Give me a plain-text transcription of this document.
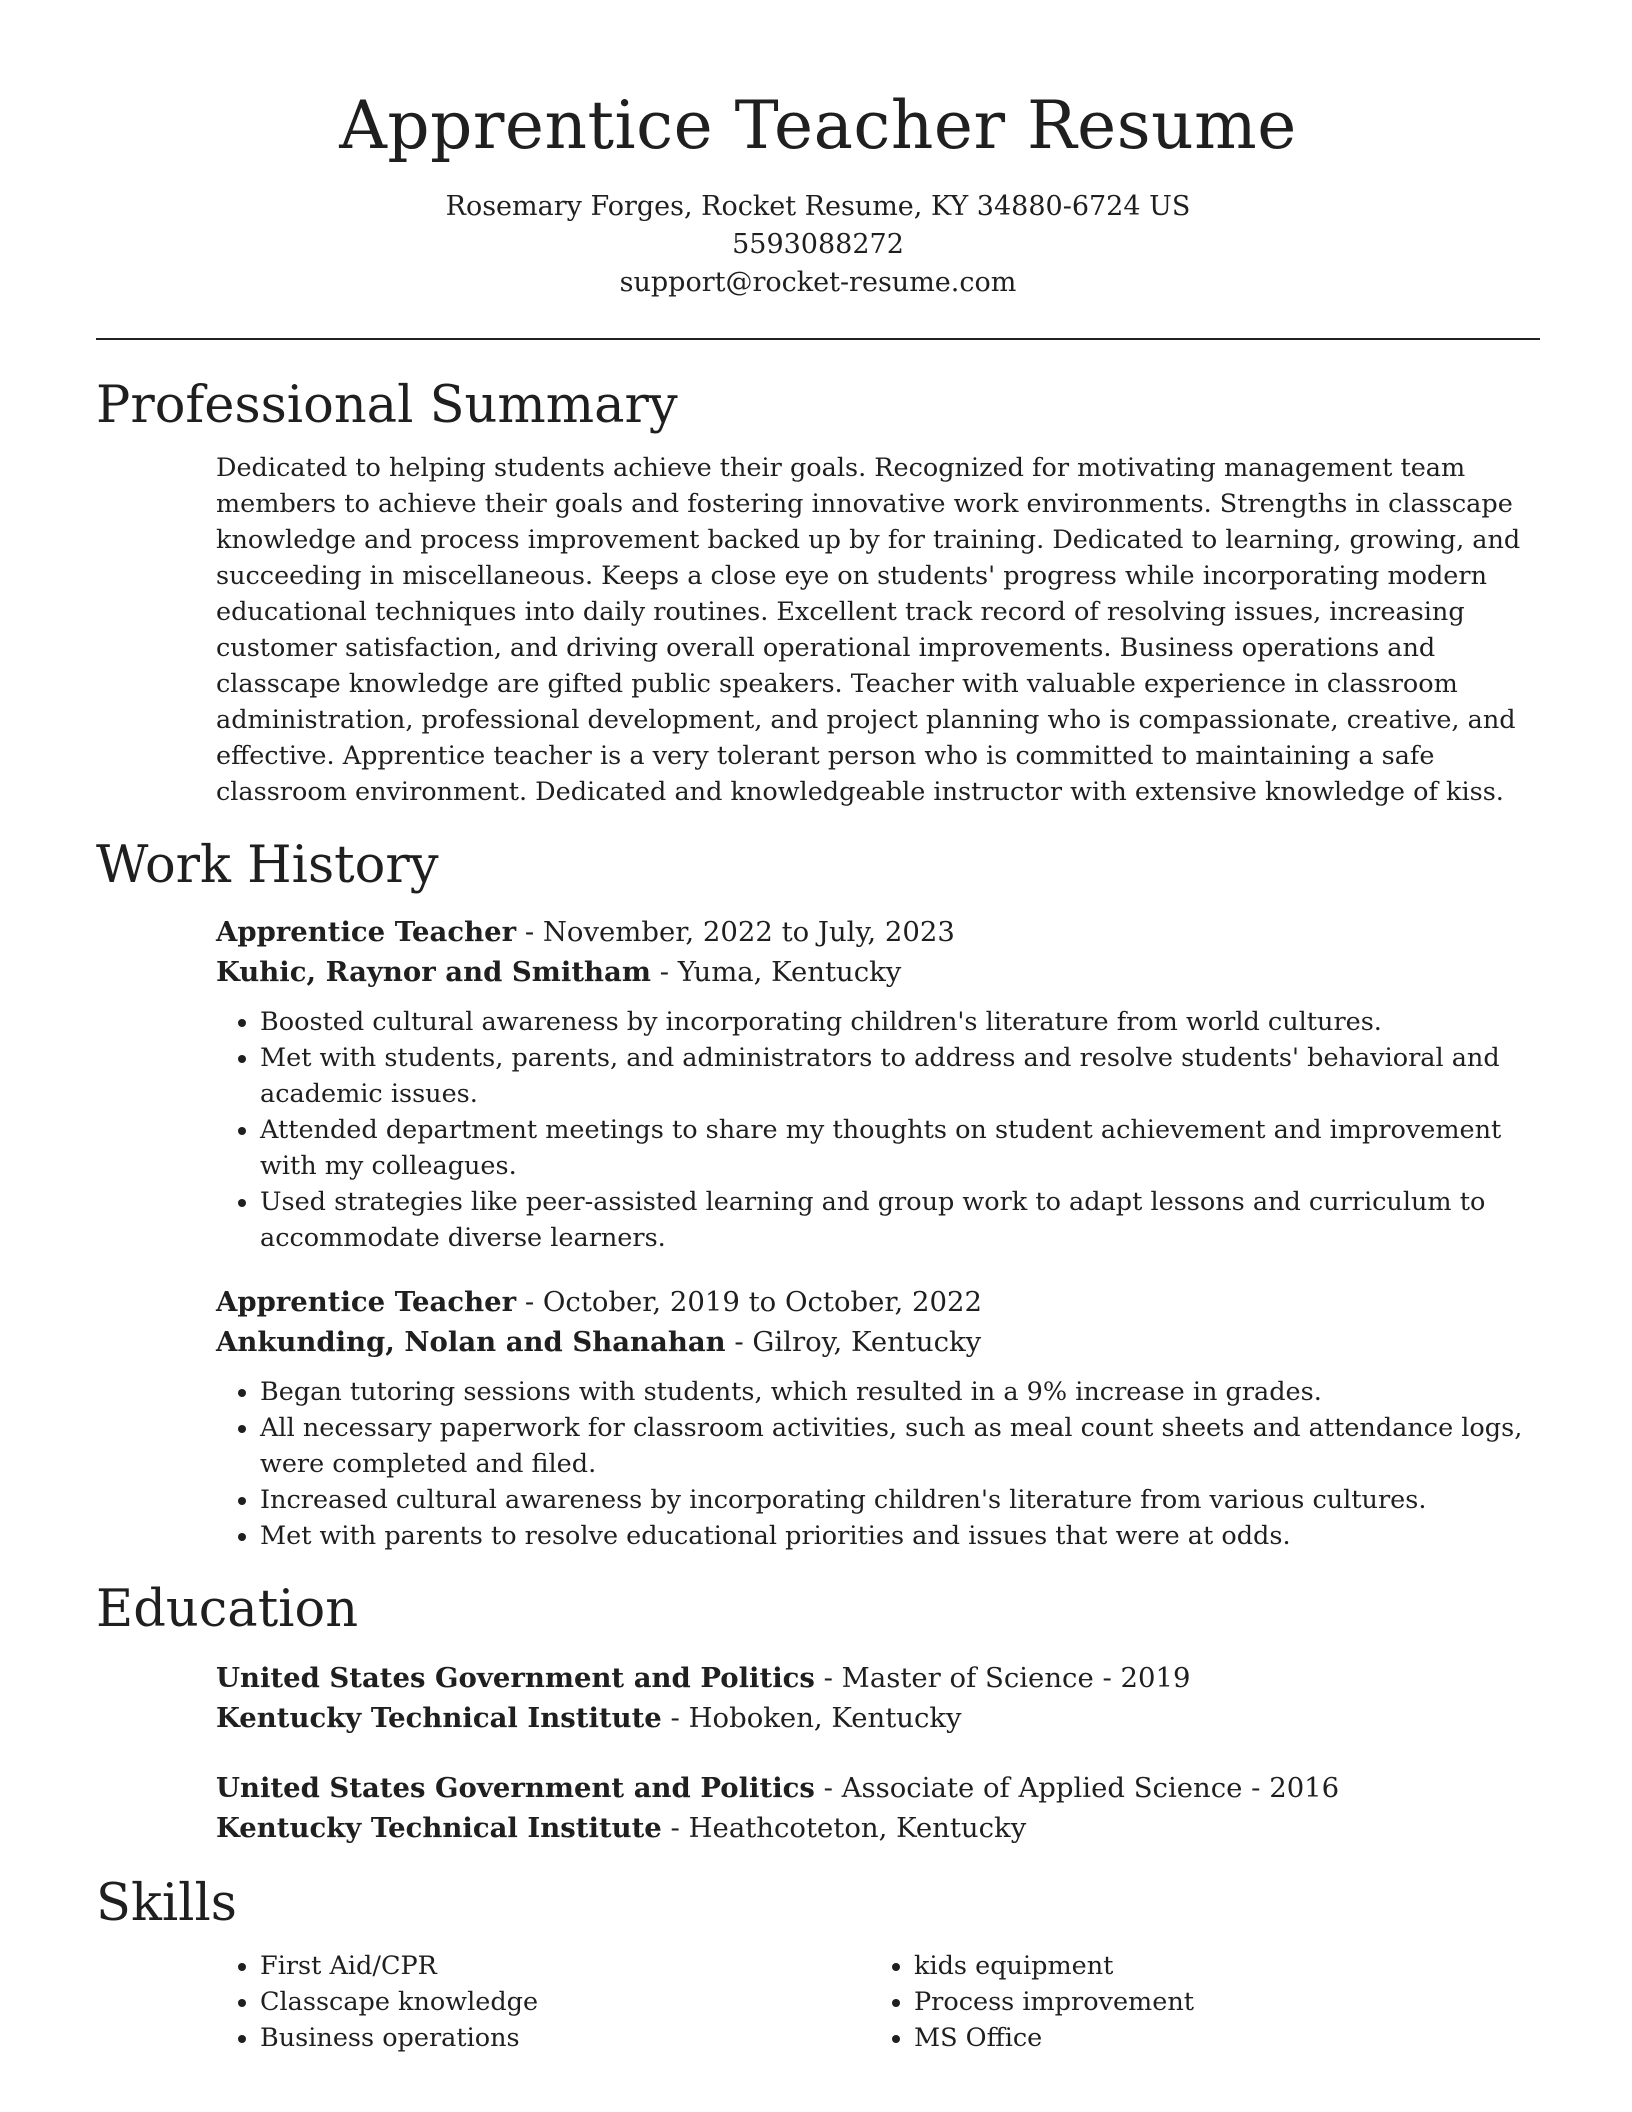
Apprentice Teacher Resume
Rosemary Forges, Rocket Resume, KY 34880-6724 US
5593088272
support@rocket-resume.com
Professional Summary

Dedicated to helping students achieve their goals. Recognized for motivating management team members to achieve their goals and fostering innovative work environments. Strengths in classcape knowledge and process improvement backed up by for training. Dedicated to learning, growing, and succeeding in miscellaneous. Keeps a close eye on students' progress while incorporating modern educational techniques into daily routines. Excellent track record of resolving issues, increasing customer satisfaction, and driving overall operational improvements. Business operations and classcape knowledge are gifted public speakers. Teacher with valuable experience in classroom administration, professional development, and project planning who is compassionate, creative, and effective. Apprentice teacher is a very tolerant person who is committed to maintaining a safe classroom environment. Dedicated and knowledgeable instructor with extensive knowledge of kiss.

Work History
Apprentice Teacher - November, 2022 to July, 2023
Kuhic, Raynor and Smitham - Yuma, Kentucky
• Boosted cultural awareness by incorporating children's literature from world cultures.
• Met with students, parents, and administrators to address and resolve students' behavioral and academic issues.
• Attended department meetings to share my thoughts on student achievement and improvement with my colleagues.
• Used strategies like peer-assisted learning and group work to adapt lessons and curriculum to accommodate diverse learners.
Apprentice Teacher - October, 2019 to October, 2022
Ankunding, Nolan and Shanahan - Gilroy, Kentucky
• Began tutoring sessions with students, which resulted in a 9% increase in grades.
• All necessary paperwork for classroom activities, such as meal count sheets and attendance logs, were completed and filed.
• Increased cultural awareness by incorporating children's literature from various cultures.
• Met with parents to resolve educational priorities and issues that were at odds.
Education
United States Government and Politics - Master of Science - 2019
Kentucky Technical Institute - Hoboken, Kentucky
United States Government and Politics - Associate of Applied Science - 2016
Kentucky Technical Institute - Heathcoteton, Kentucky
Skills
• First Aid/CPR
• Classcape knowledge
• Business operations
• kids equipment
• Process improvement
• MS Office
